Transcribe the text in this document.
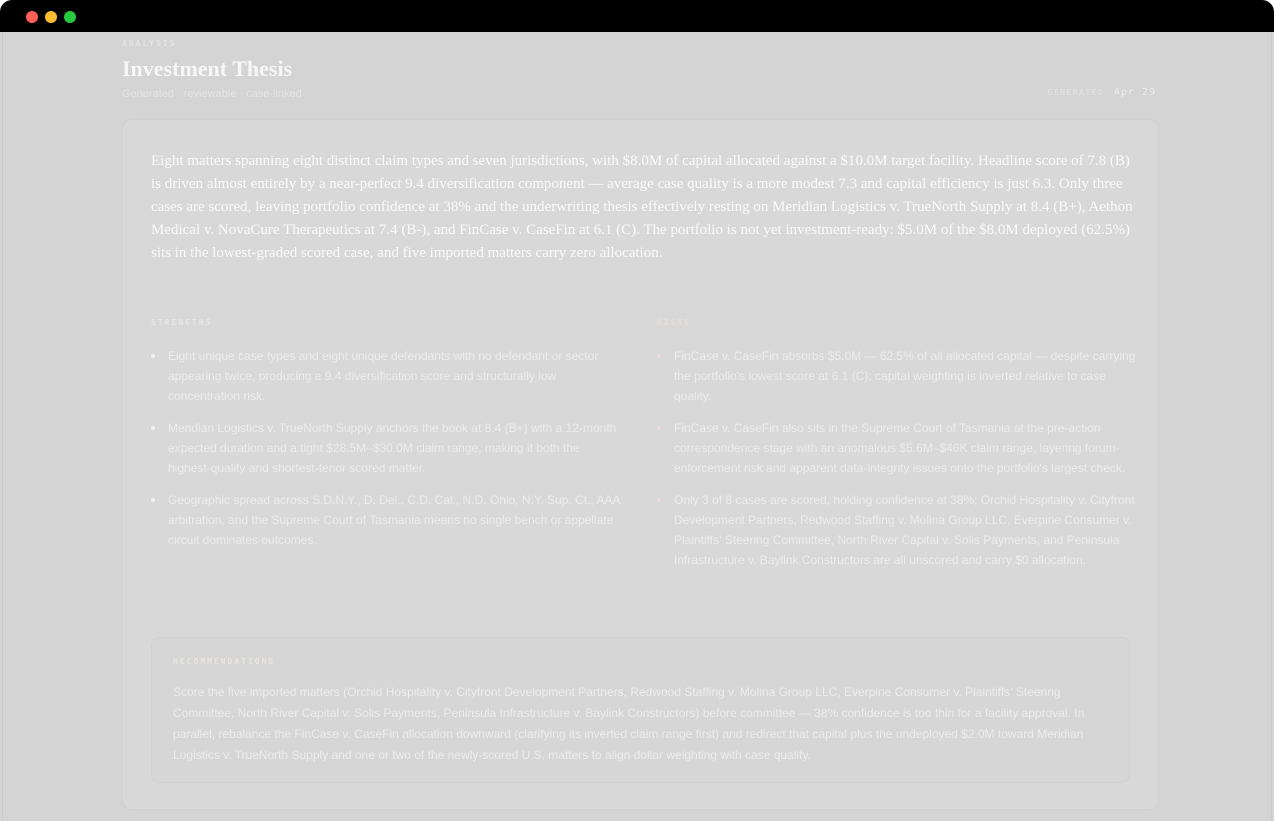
ANALYSIS
Investment Thesis
Generated · reviewable · case-linked	GENERATED Apr 29

Eight matters spanning eight distinct claim types and seven jurisdictions, with $8.0M of capital allocated against a $10.0M target facility. Headline score of 7.8 (B) is driven almost entirely by a near-perfect 9.4 diversification component — average case quality is a more modest 7.3 and capital efficiency is just 6.3. Only three cases are scored, leaving portfolio confidence at 38% and the underwriting thesis effectively resting on Meridian Logistics v. TrueNorth Supply at 8.4 (B+), Aethon Medical v. NovaCure Therapeutics at 7.4 (B-), and FinCase v. CaseFin at 6.1 (C). The portfolio is not yet investment-ready: $5.0M of the $8.0M deployed (62.5%) sits in the lowest-graded scored case, and five imported matters carry zero allocation.

STRENGTHS
Eight unique case types and eight unique defendants with no defendant or sector appearing twice, producing a 9.4 diversification score and structurally low concentration risk.
Meridian Logistics v. TrueNorth Supply anchors the book at 8.4 (B+) with a 12-month expected duration and a tight $28.5M–$30.0M claim range, making it both the highest-quality and shortest-tenor scored matter.
Geographic spread across S.D.N.Y., D. Del., C.D. Cal., N.D. Ohio, N.Y. Sup. Ct., AAA arbitration, and the Supreme Court of Tasmania means no single bench or appellate circuit dominates outcomes.
RISKS
FinCase v. CaseFin absorbs $5.0M — 62.5% of all allocated capital — despite carrying the portfolio's lowest score at 6.1 (C); capital weighting is inverted relative to case quality.
FinCase v. CaseFin also sits in the Supreme Court of Tasmania at the pre-action correspondence stage with an anomalous $5.6M–$46K claim range, layering forum-enforcement risk and apparent data-integrity issues onto the portfolio's largest check.
Only 3 of 8 cases are scored, holding confidence at 38%; Orchid Hospitality v. Cityfront Development Partners, Redwood Staffing v. Molina Group LLC, Everpine Consumer v. Plaintiffs' Steering Committee, North River Capital v. Solis Payments, and Peninsula Infrastructure v. Baylink Constructors are all unscored and carry $0 allocation.
RECOMMENDATIONS

Score the five imported matters (Orchid Hospitality v. Cityfront Development Partners, Redwood Staffing v. Molina Group LLC, Everpine Consumer v. Plaintiffs' Steering Committee, North River Capital v. Solis Payments, Peninsula Infrastructure v. Baylink Constructors) before committee — 38% confidence is too thin for a facility approval. In parallel, rebalance the FinCase v. CaseFin allocation downward (clarifying its inverted claim range first) and redirect that capital plus the undeployed $2.0M toward Meridian Logistics v. TrueNorth Supply and one or two of the newly-scored U.S. matters to align dollar weighting with case quality.
